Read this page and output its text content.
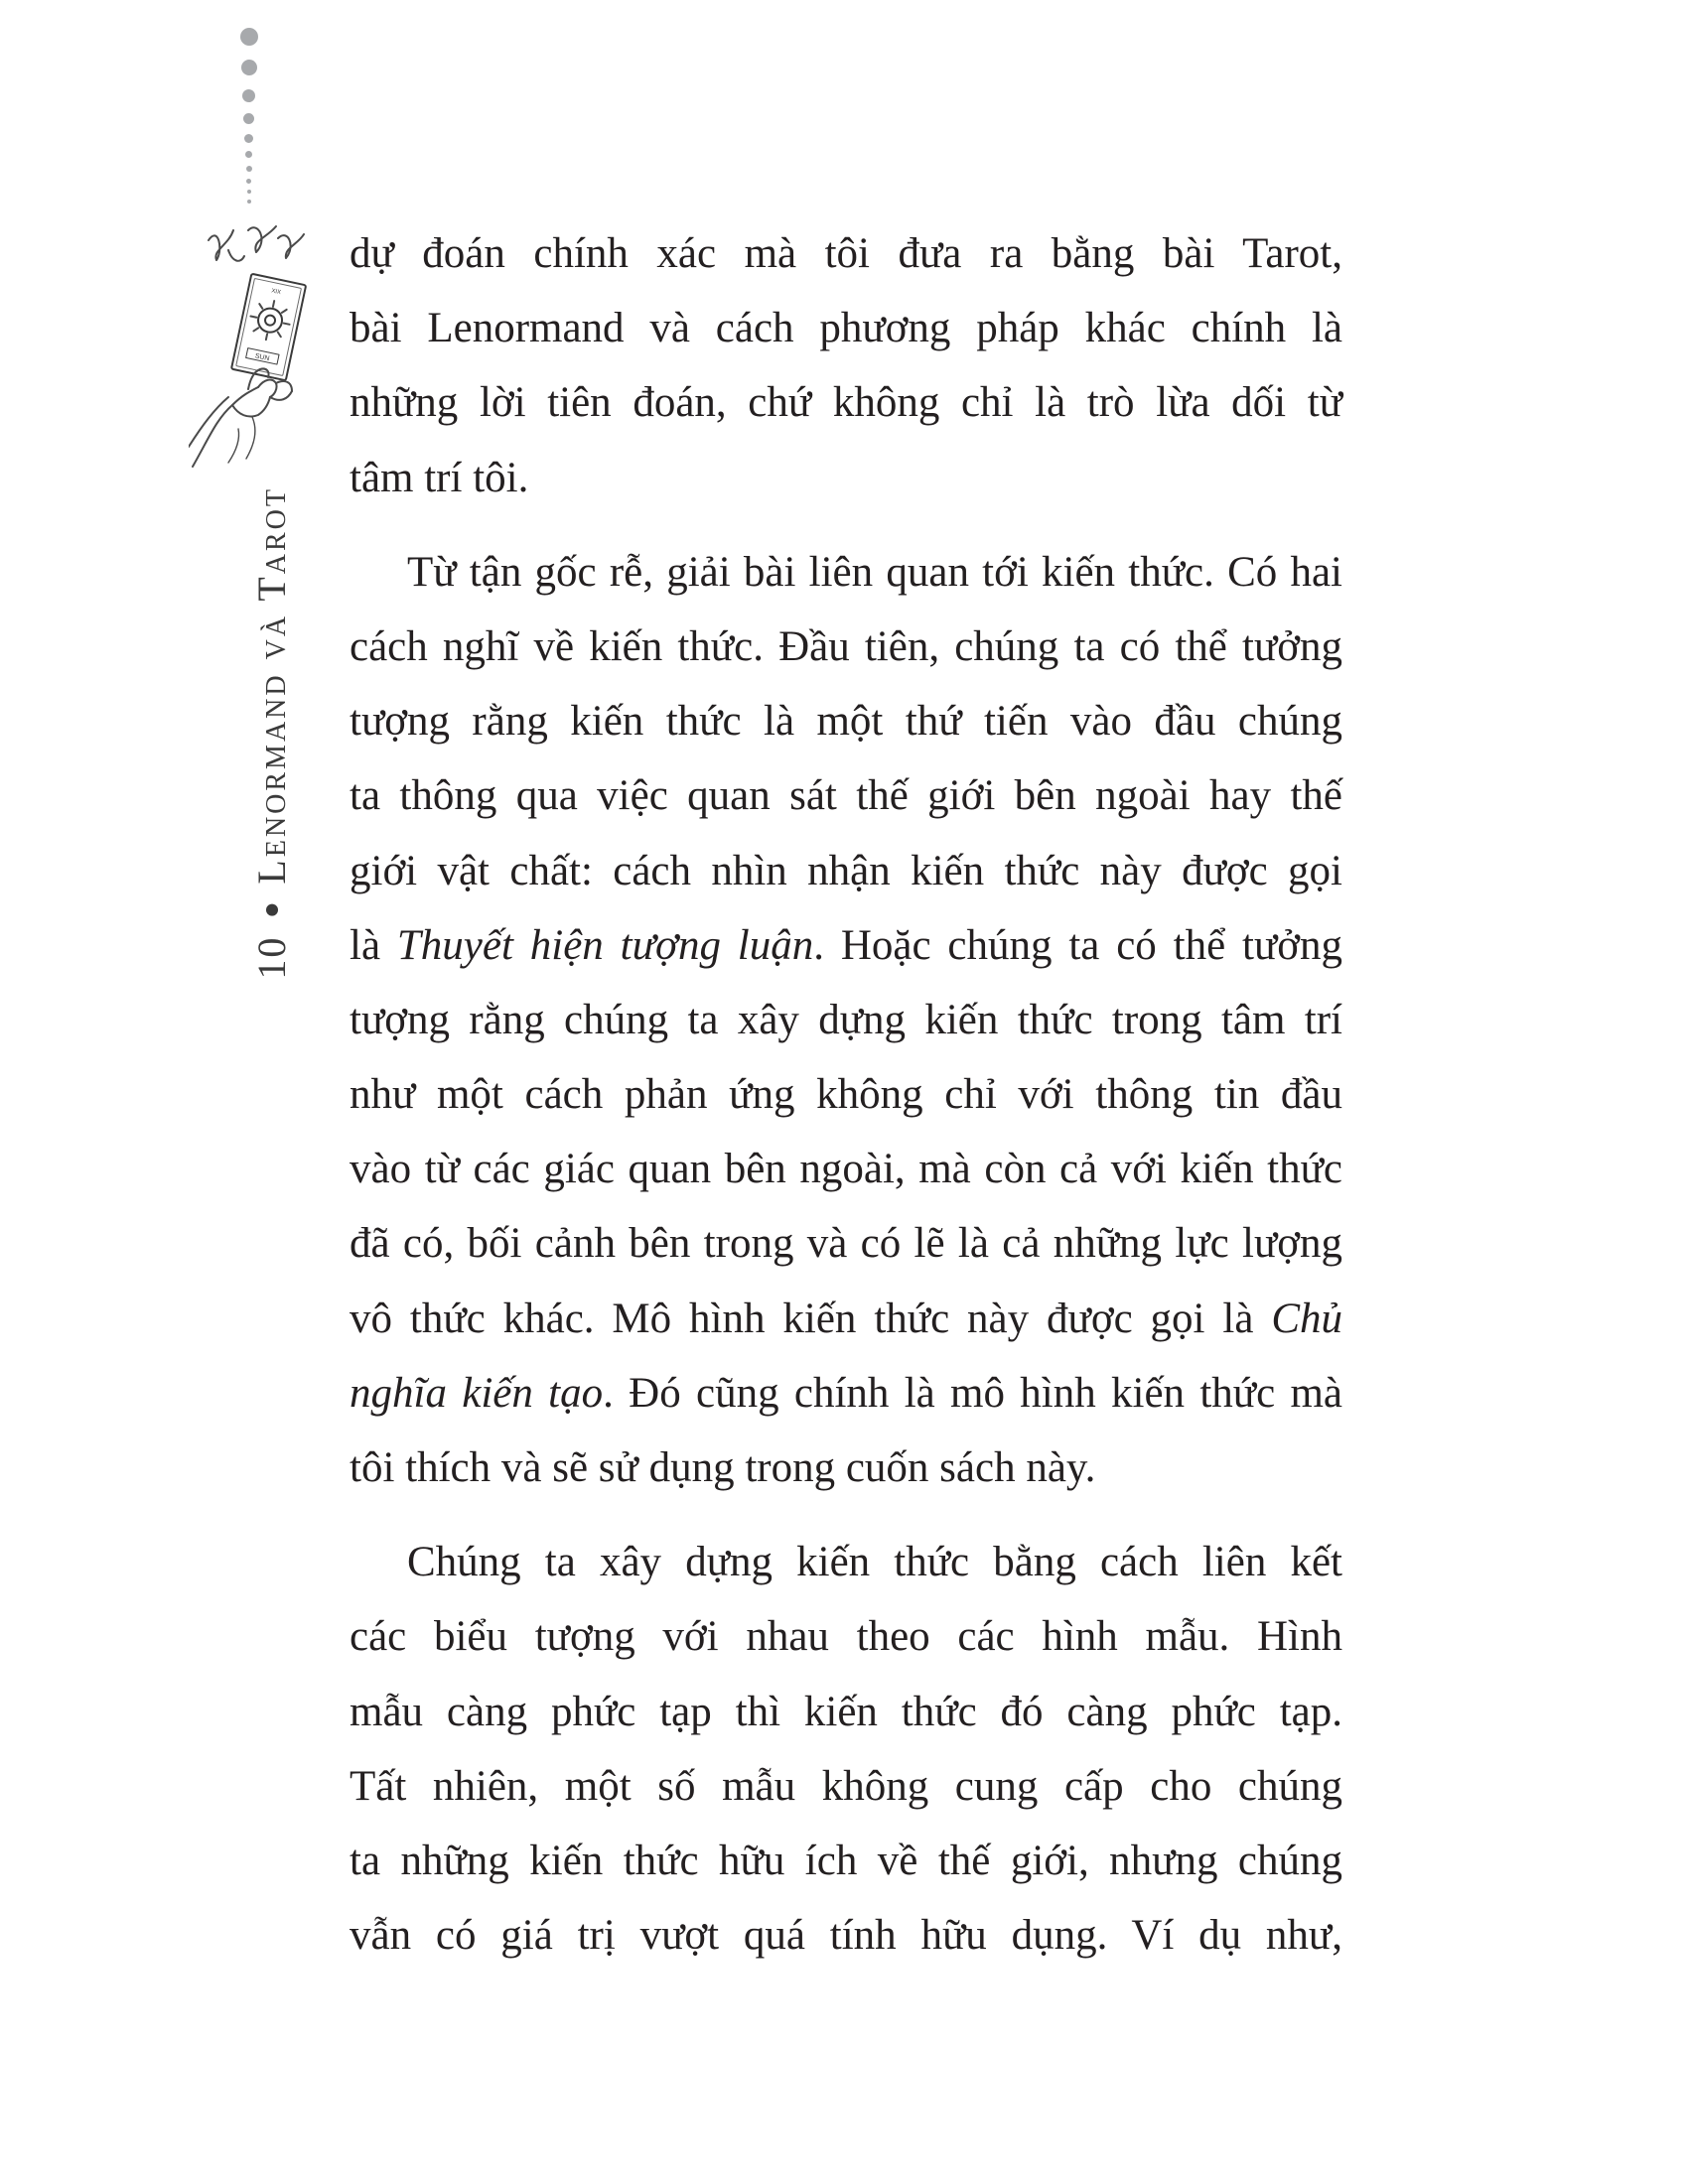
SUN
XIX
10
Lenormand và Tarot
dự đoán chính xác mà tôi đưa ra bằng bài Tarot,
bài Lenormand và cách phương pháp khác chính là
những lời tiên đoán, chứ không chỉ là trò lừa dối từ
tâm trí tôi.
Từ tận gốc rễ, giải bài liên quan tới kiến thức. Có hai
cách nghĩ về kiến thức. Đầu tiên, chúng ta có thể tưởng
tượng rằng kiến thức là một thứ tiến vào đầu chúng
ta thông qua việc quan sát thế giới bên ngoài hay thế
giới vật chất: cách nhìn nhận kiến thức này được gọi
là Thuyết hiện tượng luận. Hoặc chúng ta có thể tưởng
tượng rằng chúng ta xây dựng kiến thức trong tâm trí
như một cách phản ứng không chỉ với thông tin đầu
vào từ các giác quan bên ngoài, mà còn cả với kiến thức
đã có, bối cảnh bên trong và có lẽ là cả những lực lượng
vô thức khác. Mô hình kiến thức này được gọi là Chủ
nghĩa kiến tạo. Đó cũng chính là mô hình kiến thức mà
tôi thích và sẽ sử dụng trong cuốn sách này.
Chúng ta xây dựng kiến thức bằng cách liên kết
các biểu tượng với nhau theo các hình mẫu. Hình
mẫu càng phức tạp thì kiến thức đó càng phức tạp.
Tất nhiên, một số mẫu không cung cấp cho chúng
ta những kiến thức hữu ích về thế giới, nhưng chúng
vẫn có giá trị vượt quá tính hữu dụng. Ví dụ như,
